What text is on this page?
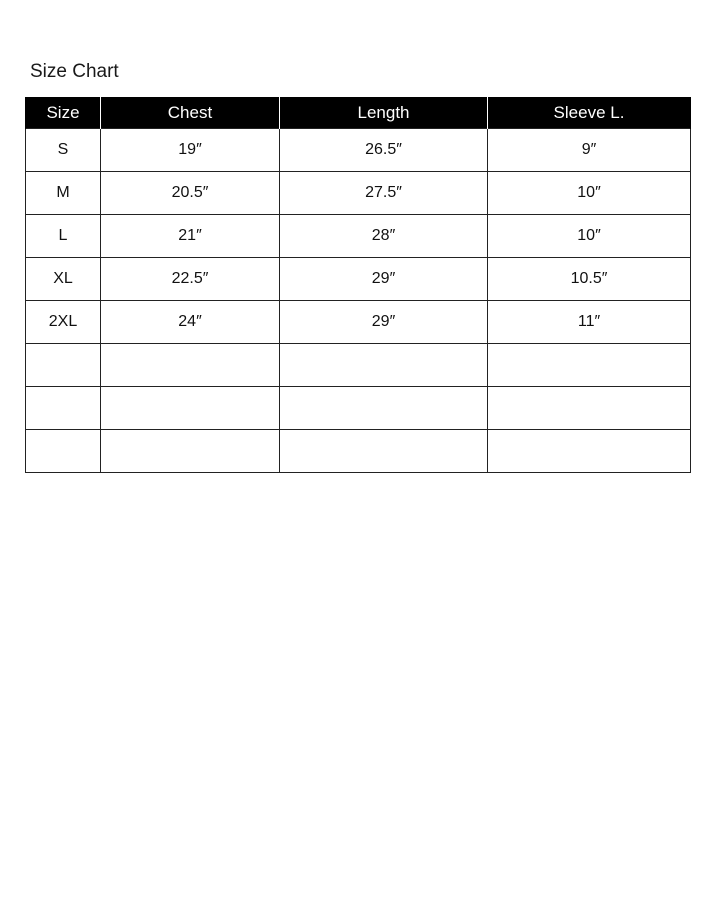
Size Chart
Size	Chest	Length	Sleeve L.
S	19″	26.5″	9″
M	20.5″	27.5″	10″
L	21″	28″	10″
XL	22.5″	29″	10.5″
2XL	24″	29″	11″
